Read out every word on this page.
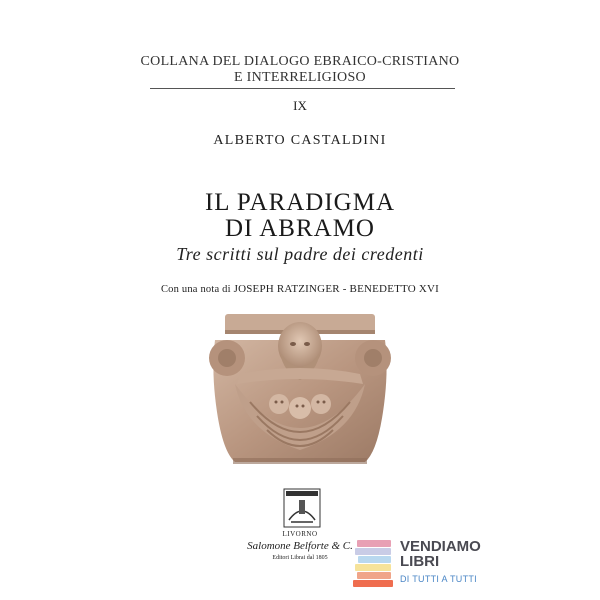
COLLANA DEL DIALOGO EBRAICO-CRISTIANO
E INTERRELIGIOSO
IX
ALBERTO CASTALDINI
IL PARADIGMA
DI ABRAMO
Tre scritti sul padre dei credenti
Con una nota di JOSEPH RATZINGER - BENEDETTO XVI
LIVORNO
Salomone Belforte & C.
Editori Librai dal 1805
VENDIAMO
LIBRI
DI TUTTI A TUTTI
